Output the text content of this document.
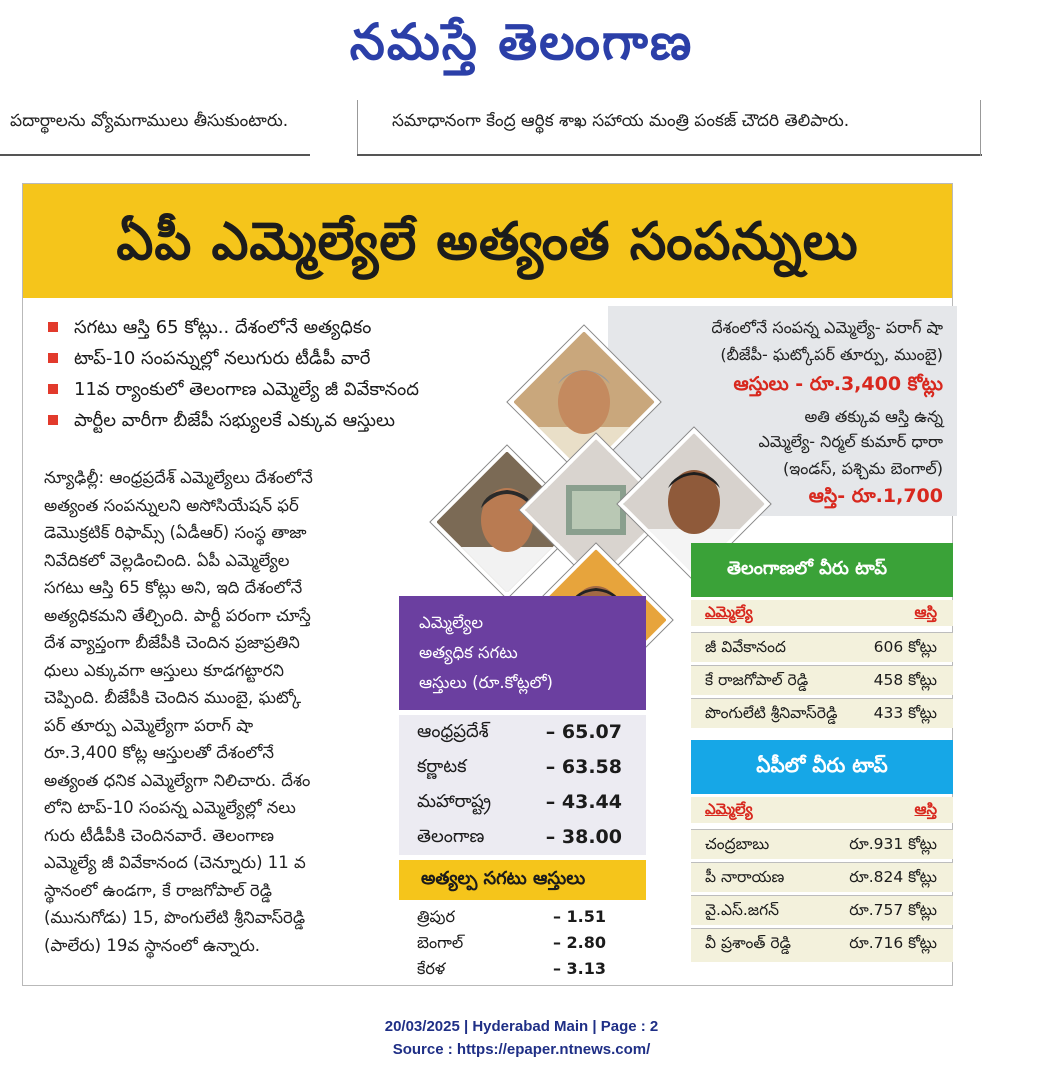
నమస్తే తెలంగాణ
పదార్థాలను వ్యోమగాములు తీసుకుంటారు.	సమాధానంగా కేంద్ర ఆర్థిక శాఖ సహాయ మంత్రి పంకజ్ చౌదరి తెలిపారు.
ఏపీ ఎమ్మెల్యేలే అత్యంత సంపన్నులు
సగటు ఆస్తి 65 కోట్లు.. దేశంలోనే అత్యధికం
టాప్‌-10 సంపన్నుల్లో నలుగురు టీడీపీ వారే
11వ ర్యాంకులో తెలంగాణ ఎమ్మెల్యే జీ వివేకానంద
పార్టీల వారీగా బీజేపీ సభ్యులకే ఎక్కువ ఆస్తులు
న్యూఢిల్లీ: ఆంధ్రప్రదేశ్‌ ఎమ్మెల్యేలు దేశంలోనే
అత్యంత సంపన్నులని అసోసియేషన్‌ ఫర్‌
డెమొక్రటిక్‌ రిఫామ్స్‌ (ఏడీఆర్‌) సంస్థ తాజా
నివేదికలో వెల్లడించింది. ఏపీ ఎమ్మెల్యేల
సగటు ఆస్తి 65 కోట్లు అని, ఇది దేశంలోనే
అత్యధికమని తేల్చింది. పార్టీ పరంగా చూస్తే
దేశ వ్యాప్తంగా బీజేపీకి చెందిన ప్రజాప్రతిని
ధులు ఎక్కువగా ఆస్తులు కూడగట్టారని
చెప్పింది. బీజేపీకి చెందిన ముంబై, ఘట్కో
పర్‌ తూర్పు ఎమ్మెల్యేగా పరాగ్‌ షా
రూ.3,400 కోట్ల ఆస్తులతో దేశంలోనే
అత్యంత ధనిక ఎమ్మెల్యేగా నిలిచారు. దేశం
లోని టాప్‌-10 సంపన్న ఎమ్మెల్యేల్లో నలు
గురు టీడీపీకి చెందినవారే. తెలంగాణ
ఎమ్మెల్యే జీ వివేకానంద (చెన్నూరు) 11 వ
స్థానంలో ఉండగా, కే రాజగోపాల్‌ రెడ్డి
(మునుగోడు) 15, పొంగులేటి శ్రీనివాస్‌రెడ్డి
(పాలేరు) 19వ స్థానంలో ఉన్నారు.
దేశంలోనే సంపన్న ఎమ్మెల్యే- పరాగ్‌ షా
(బీజేపీ- ఘట్కోపర్‌ తూర్పు, ముంబై)
ఆస్తులు - రూ.3,400 కోట్లు
అతి తక్కువ ఆస్తి ఉన్న
ఎమ్మెల్యే- నిర్మల్‌ కుమార్‌ ధారా
(ఇండస్‌, పశ్చిమ బెంగాల్‌)
ఆస్తి- రూ.1,700
ఎమ్మెల్యేల
అత్యధిక సగటు
ఆస్తులు (రూ.కోట్లలో)
ఆంధ్రప్రదేశ్‌	– 65.07
కర్ణాటక	– 63.58
మహారాష్ట్ర	– 43.44
తెలంగాణ	– 38.00
అత్యల్ప సగటు ఆస్తులు
త్రిపుర	– 1.51
బెంగాల్‌	– 2.80
కేరళ	– 3.13
తెలంగాణలో వీరు టాప్‌
ఎమ్మెల్యే	ఆస్తి
జీ వివేకానంద	606 కోట్లు
కే రాజగోపాల్‌ రెడ్డి	458 కోట్లు
పొంగులేటి శ్రీనివాస్‌రెడ్డి 433 కోట్లు
ఏపీలో వీరు టాప్‌
ఎమ్మెల్యే	ఆస్తి
చంద్రబాబు	రూ.931 కోట్లు
పీ నారాయణ	రూ.824 కోట్లు
వై.ఎస్‌.జగన్‌	రూ.757 కోట్లు
వీ ప్రశాంత్‌ రెడ్డి	రూ.716 కోట్లు
20/03/2025 | Hyderabad Main | Page : 2
Source : https://epaper.ntnews.com/
